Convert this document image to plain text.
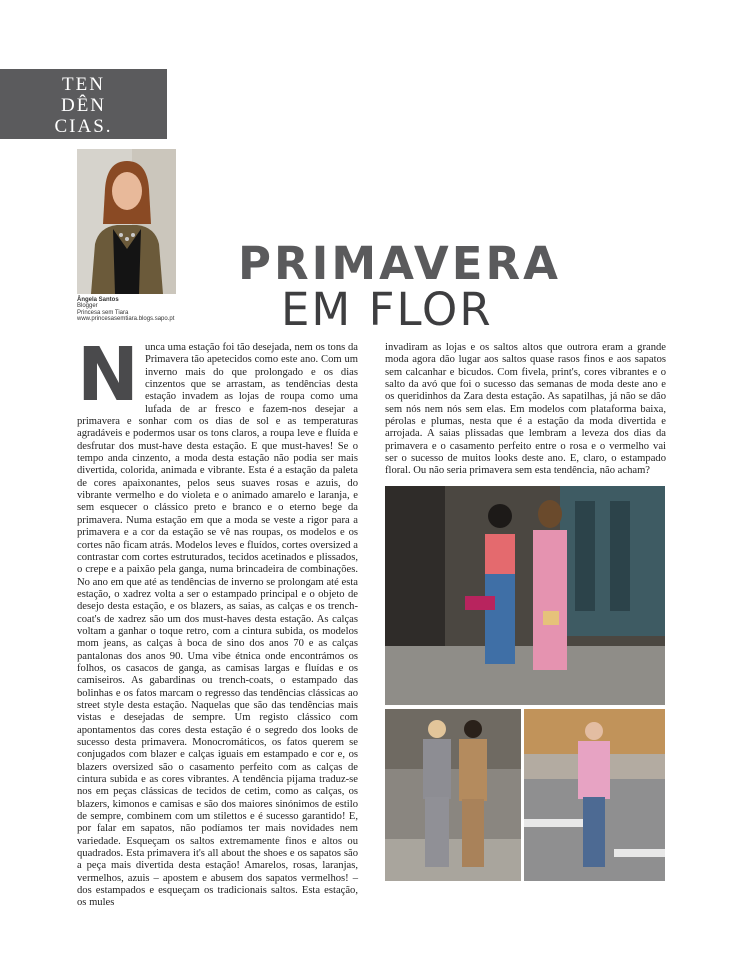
TEN
DÊN
CIAS.
Ângela Santos
Blogger
Princesa sem Tiara
www.princesasemtiara.blogs.sapo.pt
PRIMAVERA
EM FLOR
N unca uma estação foi tão desejada, nem os tons da Primavera tão apetecidos como este ano. Com um inverno mais do que prolongado e os dias cinzentos que se arrastam, as tendências desta estação invadem as lojas de roupa como uma lufada de ar fresco e fazem-nos desejar a primavera e sonhar com os dias de sol e as temperaturas agradáveis e podermos usar os tons claros, a roupa leve e fluída e desfrutar dos must-have desta estação. E que must-haves! Se o tempo anda cinzento, a moda desta estação não podia ser mais divertida, colorida, animada e vibrante. Esta é a estação da paleta de cores apaixonantes, pelos seus suaves rosas e azuis, do vibrante vermelho e do violeta e o animado amarelo e laranja, e sem esquecer o clássico preto e branco e o eterno bege da primavera. Numa estação em que a moda se veste a rigor para a primavera e a cor da estação se vê nas roupas, os modelos e os cortes não ficam atrás. Modelos leves e fluídos, cortes oversized a contrastar com cortes estruturados, tecidos acetinados e plissados, o crepe e a paixão pela ganga, numa brincadeira de combinações. No ano em que até as tendências de inverno se prolongam até esta estação, o xadrez volta a ser o estampado principal e o objeto de desejo desta estação, e os blazers, as saias, as calças e os trench-coat's de xadrez são um dos must-haves desta estação. As calças voltam a ganhar o toque retro, com a cintura subida, os modelos mom jeans, as calças à boca de sino dos anos 70 e as calças pantalonas dos anos 90. Uma vibe étnica onde encontrámos os folhos, os casacos de ganga, as camisas largas e fluídas e os camiseiros. As gabardinas ou trench-coats, o estampado das bolinhas e os fatos marcam o regresso das tendências clássicas ao street style desta estação. Naquelas que são das tendências mais vistas e desejadas de sempre. Um registo clássico com apontamentos das cores desta estação é o segredo dos looks de sucesso desta primavera. Monocromáticos, os fatos querem se conjugados com blazer e calças iguais em estampado e cor e, os blazers oversized são o casamento perfeito com as calças de cintura subida e as cores vibrantes. A tendência pijama traduz-se nos em peças clássicas de tecidos de cetim, como as calças, os blazers, kimonos e camisas e são dos maiores sinónimos de estilo de sempre, combinem com um stilettos e é sucesso garantido! E, por falar em sapatos, não podíamos ter mais novidades nem variedade. Esqueçam os saltos extremamente finos e altos ou quadrados. Esta primavera it's all about the shoes e os sapatos são a peça mais divertida desta estação! Amarelos, rosas, laranjas, vermelhos, azuis – apostem e abusem dos sapatos vermelhos! – dos estampados e esqueçam os tradicionais saltos. Esta estação, os mules
invadiram as lojas e os saltos altos que outrora eram a grande moda agora dão lugar aos saltos quase rasos finos e aos sapatos sem calcanhar e bicudos. Com fivela, print's, cores vibrantes e o salto da avó que foi o sucesso das semanas de moda deste ano e os queridinhos da Zara desta estação. As sapatilhas, já não se dão sem nós nem nós sem elas. Em modelos com plataforma baixa, pérolas e plumas, nesta que é a estação da moda divertida e arrojada. A saias plissadas que lembram a leveza dos dias da primavera e o casamento perfeito entre o rosa e o vermelho vai ser o sucesso de muitos looks deste ano. E, claro, o estampado floral. Ou não seria primavera sem esta tendência, não acham?
